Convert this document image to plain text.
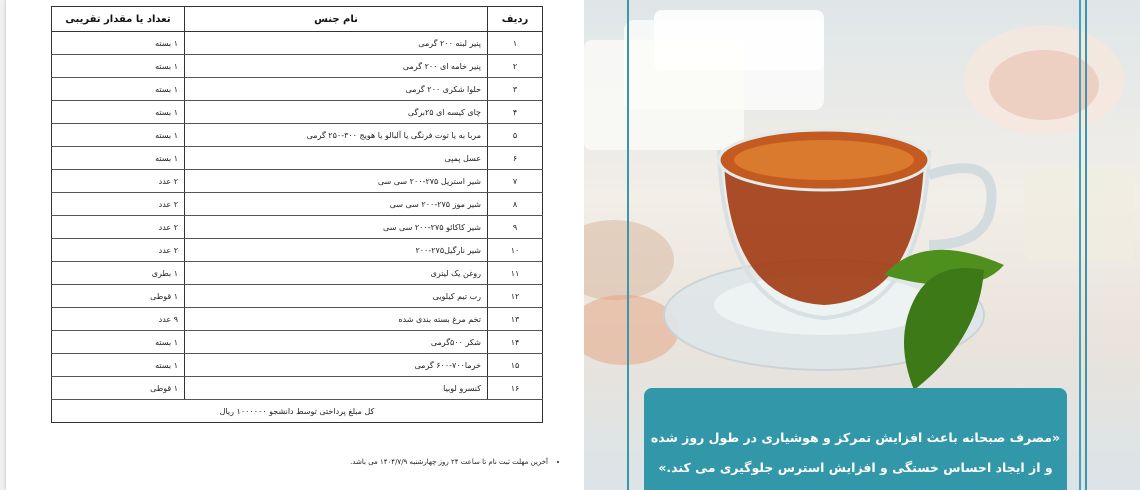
ردیف	نام جنس	تعداد یا مقدار تقریبی
۱	پنیر لبنه ۲۰۰ گرمی	۱ بسته
۲	پنیر خامه ای ۲۰۰ گرمی	۱ بسته
۳	حلوا شکری ۲۰۰ گرمی	۱ بسته
۴	چای کیسه ای ۲۵برگی	۱ بسته
۵	مربا به یا توت فرنگی یا آلبالو یا هویج ۳۰۰-۲۵۰ گرمی	۱ بسته
۶	عسل پمپی	۱ بسته
۷	شیر استریل ۲۷۵-۲۰۰ سی سی	۲ عدد
۸	شیر موز ۲۷۵-۲۰۰ سی سی	۲ عدد
۹	شیر کاکائو ۲۷۵-۲۰۰ سی سی	۲ عدد
۱۰	شیر نارگیل۲۷۵-۲۰۰	۲ عدد
۱۱	روغن یک لیتری	۱ بطری
۱۲	رب تیم کیلویی	۱ قوطی
۱۳	تخم مرغ بسته بندی شده	۹ عدد
۱۴	شکر ۵۰۰گرمی	۱ بسته
۱۵	خرما۷۰۰-۶۰۰ گرمی	۱ بسته
۱۶	کنسرو لوبیا	۱ قوطی
کل مبلغ پرداختی توسط دانشجو ۱۰۰۰۰۰۰ ریال		
• آخرین مهلت ثبت نام تا ساعت ۲۴ روز چهارشنبه ۱۴۰۴/۷/۹ می باشد.

«مصرف صبحانه باعث افزایش تمرکز و هوشیاری در طول روز شده

و از ایجاد احساس خستگی و افزایش استرس جلوگیری می کند.»
